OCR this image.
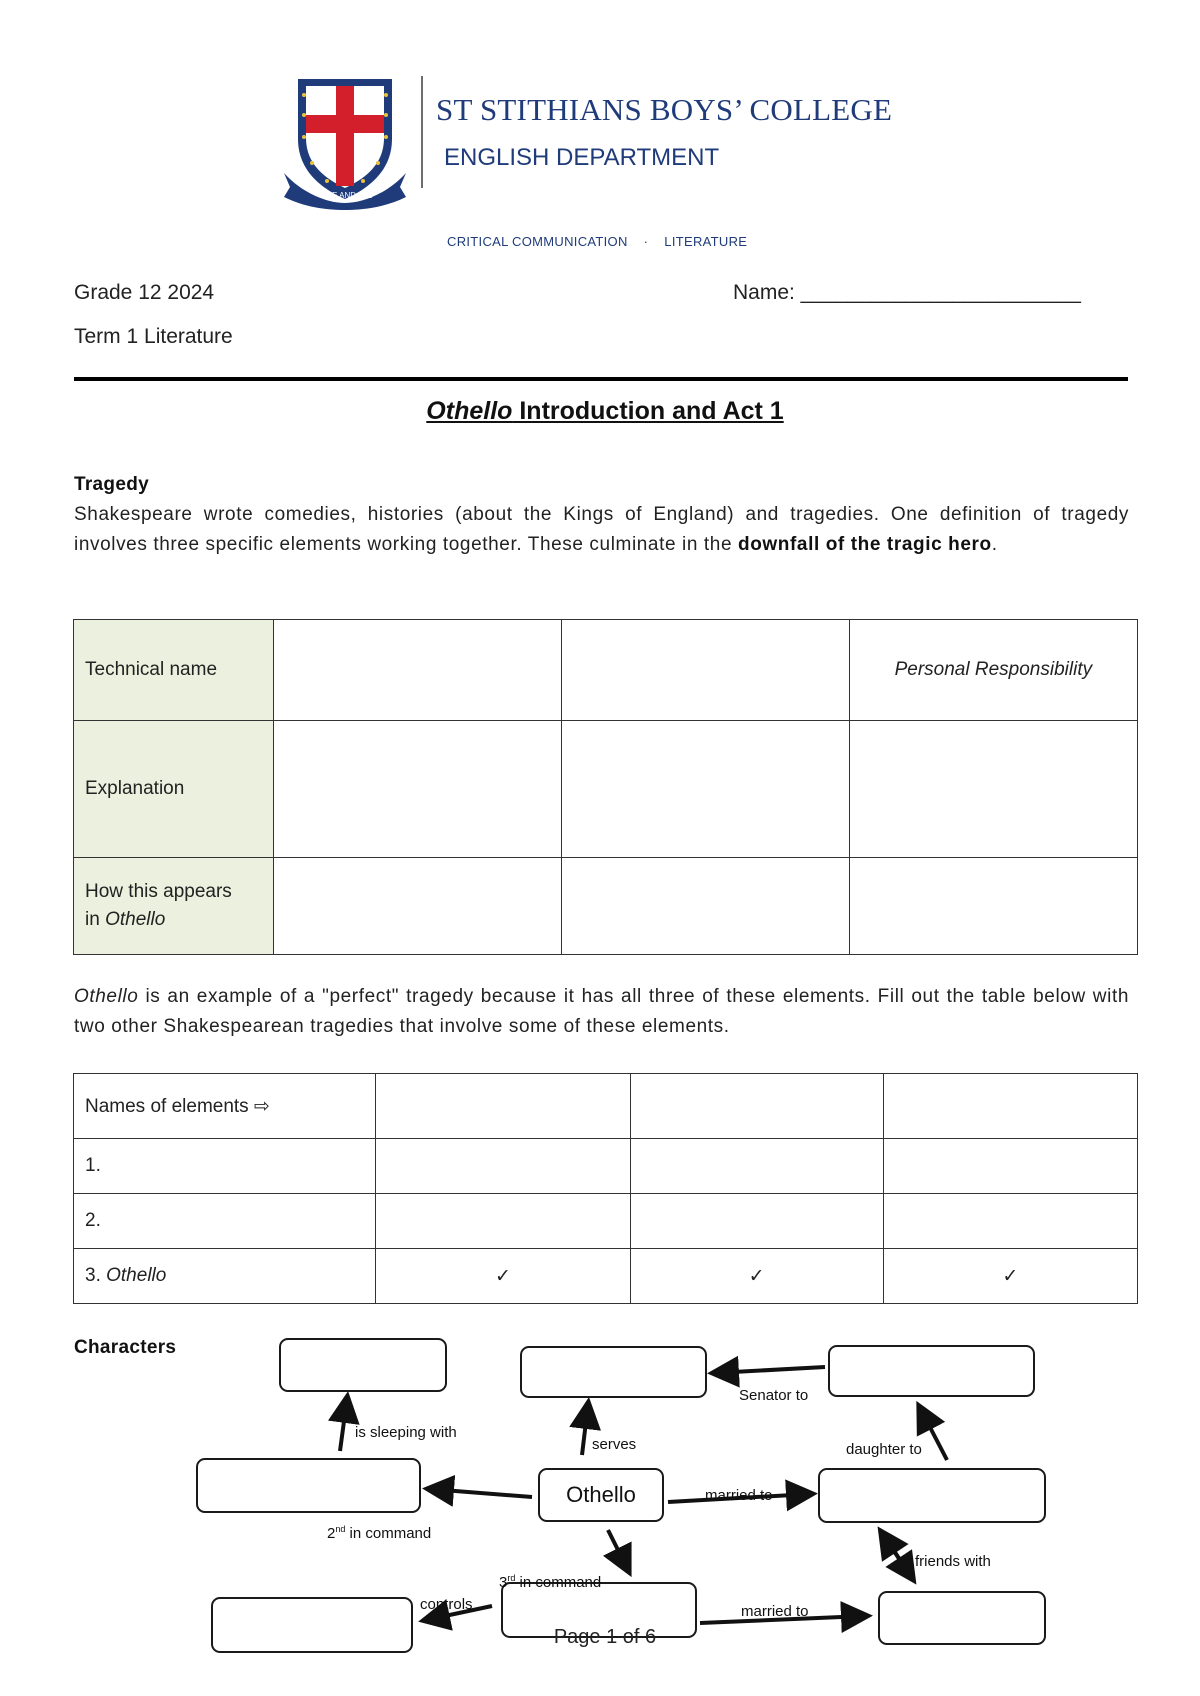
ONE AND ALL
ST STITHIANS BOYS’ COLLEGE
ENGLISH DEPARTMENT
CRITICAL COMMUNICATION · LITERATURE
Grade 12 2024
Term 1 Literature
Name: ________________________
Othello Introduction and Act 1
Tragedy
Shakespeare wrote comedies, histories (about the Kings of England) and tragedies. One definition of tragedy involves three specific elements working together. These culminate in the downfall of the tragic hero.
Technical name			Personal Responsibility
Explanation			
How this appears
in Othello			
Othello is an example of a "perfect" tragedy because it has all three of these elements. Fill out the table below with two other Shakespearean tragedies that involve some of these elements.
Names of elements ⇨			
1.			
2.			
3. Othello	✓	✓	✓
Characters
Othello
is sleeping with
serves
Senator to
daughter to
2nd in command
married to
3rd in command
friends with
controls	married to
Page 1 of 6
